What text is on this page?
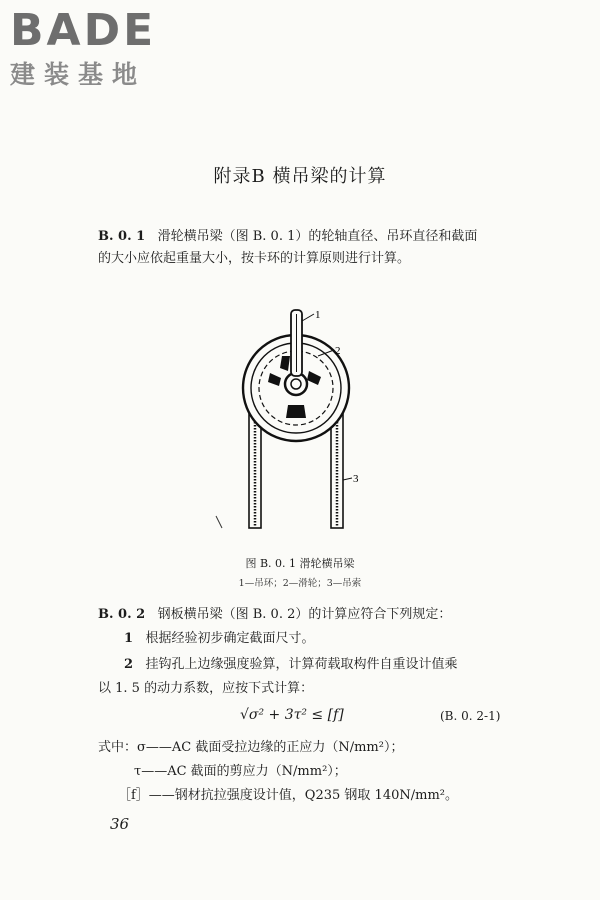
BADE
建装基地
附录B 横吊梁的计算
B. 0. 1 滑轮横吊梁（图 B. 0. 1）的轮轴直径、吊环直径和截面
的大小应依起重量大小，按卡环的计算原则进行计算。
1
2
3
图 B. 0. 1 滑轮横吊梁
1—吊环；2—滑轮；3—吊索
B. 0. 2 钢板横吊梁（图 B. 0. 2）的计算应符合下列规定：
1 根据经验初步确定截面尺寸。
2 挂钩孔上边缘强度验算，计算荷载取构件自重设计值乘
以 1. 5 的动力系数，应按下式计算：
√σ² + 3τ² ≤ [f]	(B. 0. 2-1)
式中：σ——AC 截面受拉边缘的正应力（N/mm²）；
τ——AC 截面的剪应力（N/mm²）；
［f］——钢材抗拉强度设计值，Q235 钢取 140N/mm²。
36
